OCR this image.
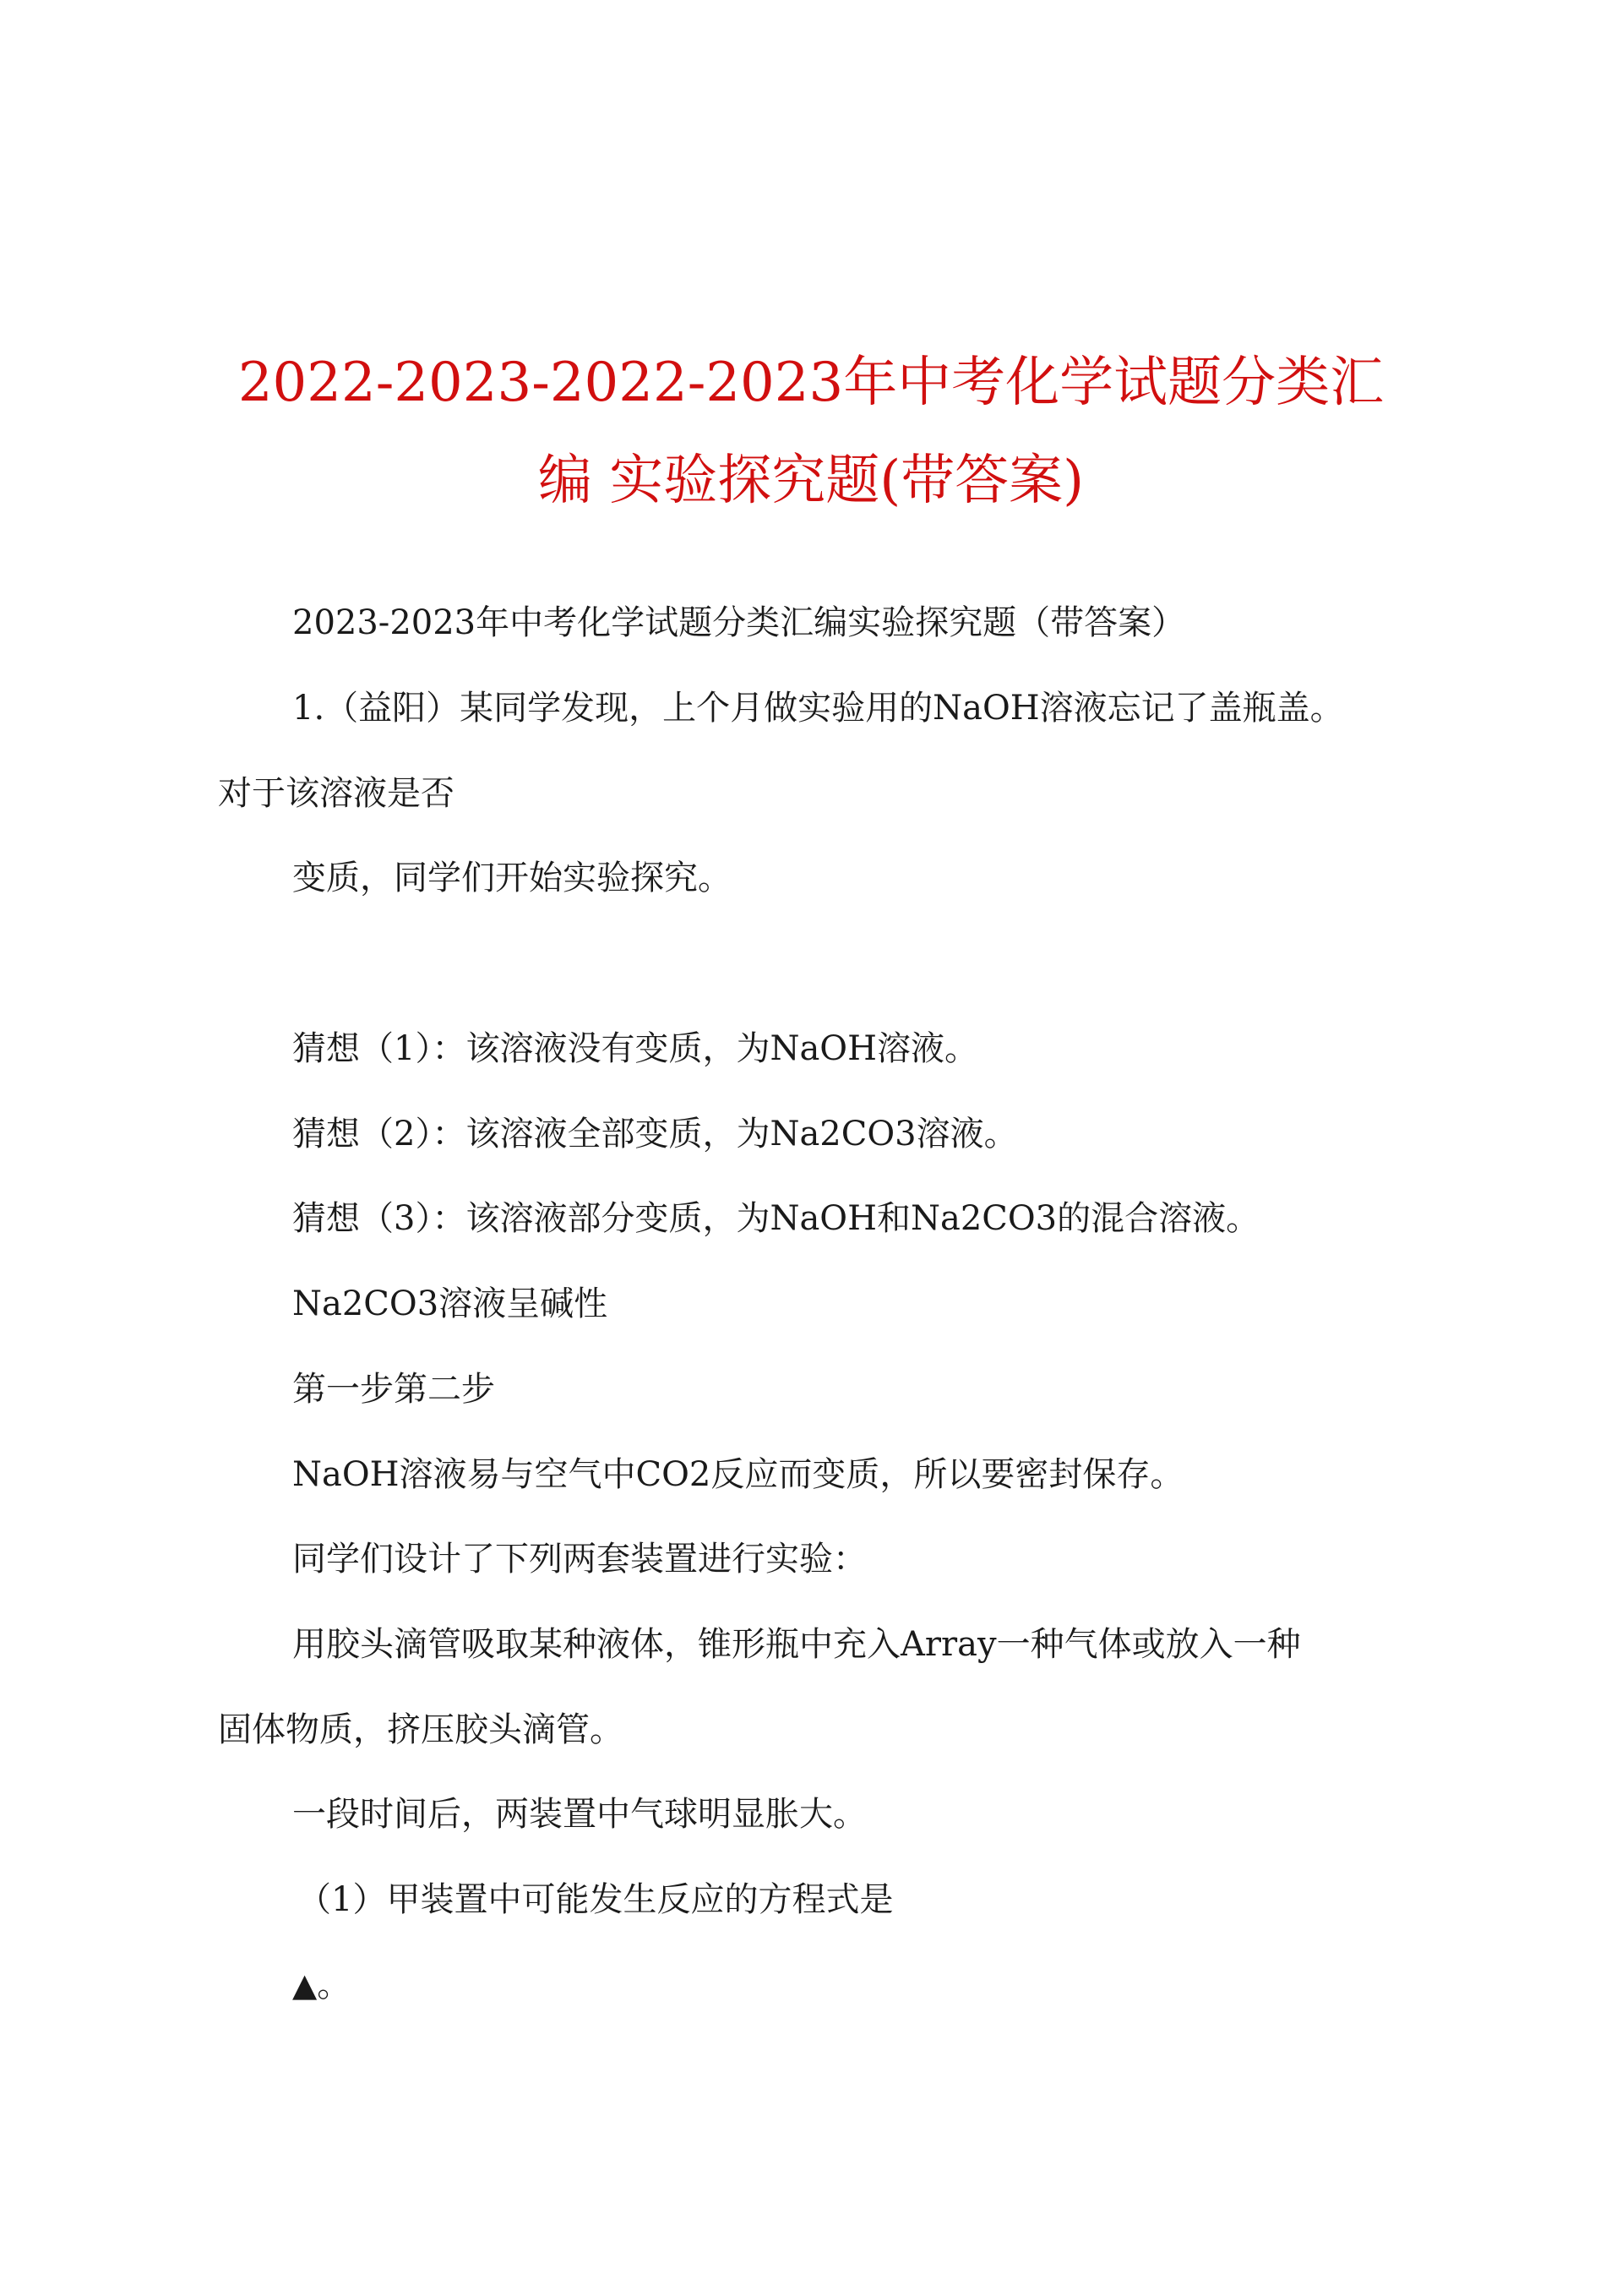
2022-2023-2022-2023年中考化学试题分类汇
编 实验探究题(带答案)

2023-2023年中考化学试题分类汇编实验探究题（带答案）

1.（益阳）某同学发现，上个月做实验用的NaOH溶液忘记了盖瓶盖。

对于该溶液是否

变质，同学们开始实验探究。

猜想（1）：该溶液没有变质，为NaOH溶液。

猜想（2）：该溶液全部变质，为Na2CO3溶液。

猜想（3）：该溶液部分变质，为NaOH和Na2CO3的混合溶液。

Na2CO3溶液呈碱性

第一步第二步

NaOH溶液易与空气中CO2反应而变质，所以要密封保存。

同学们设计了下列两套装置进行实验：

用胶头滴管吸取某种液体，锥形瓶中充入Array一种气体或放入一种

固体物质，挤压胶头滴管。

一段时间后，两装置中气球明显胀大。

（1）甲装置中可能发生反应的方程式是

▲。
